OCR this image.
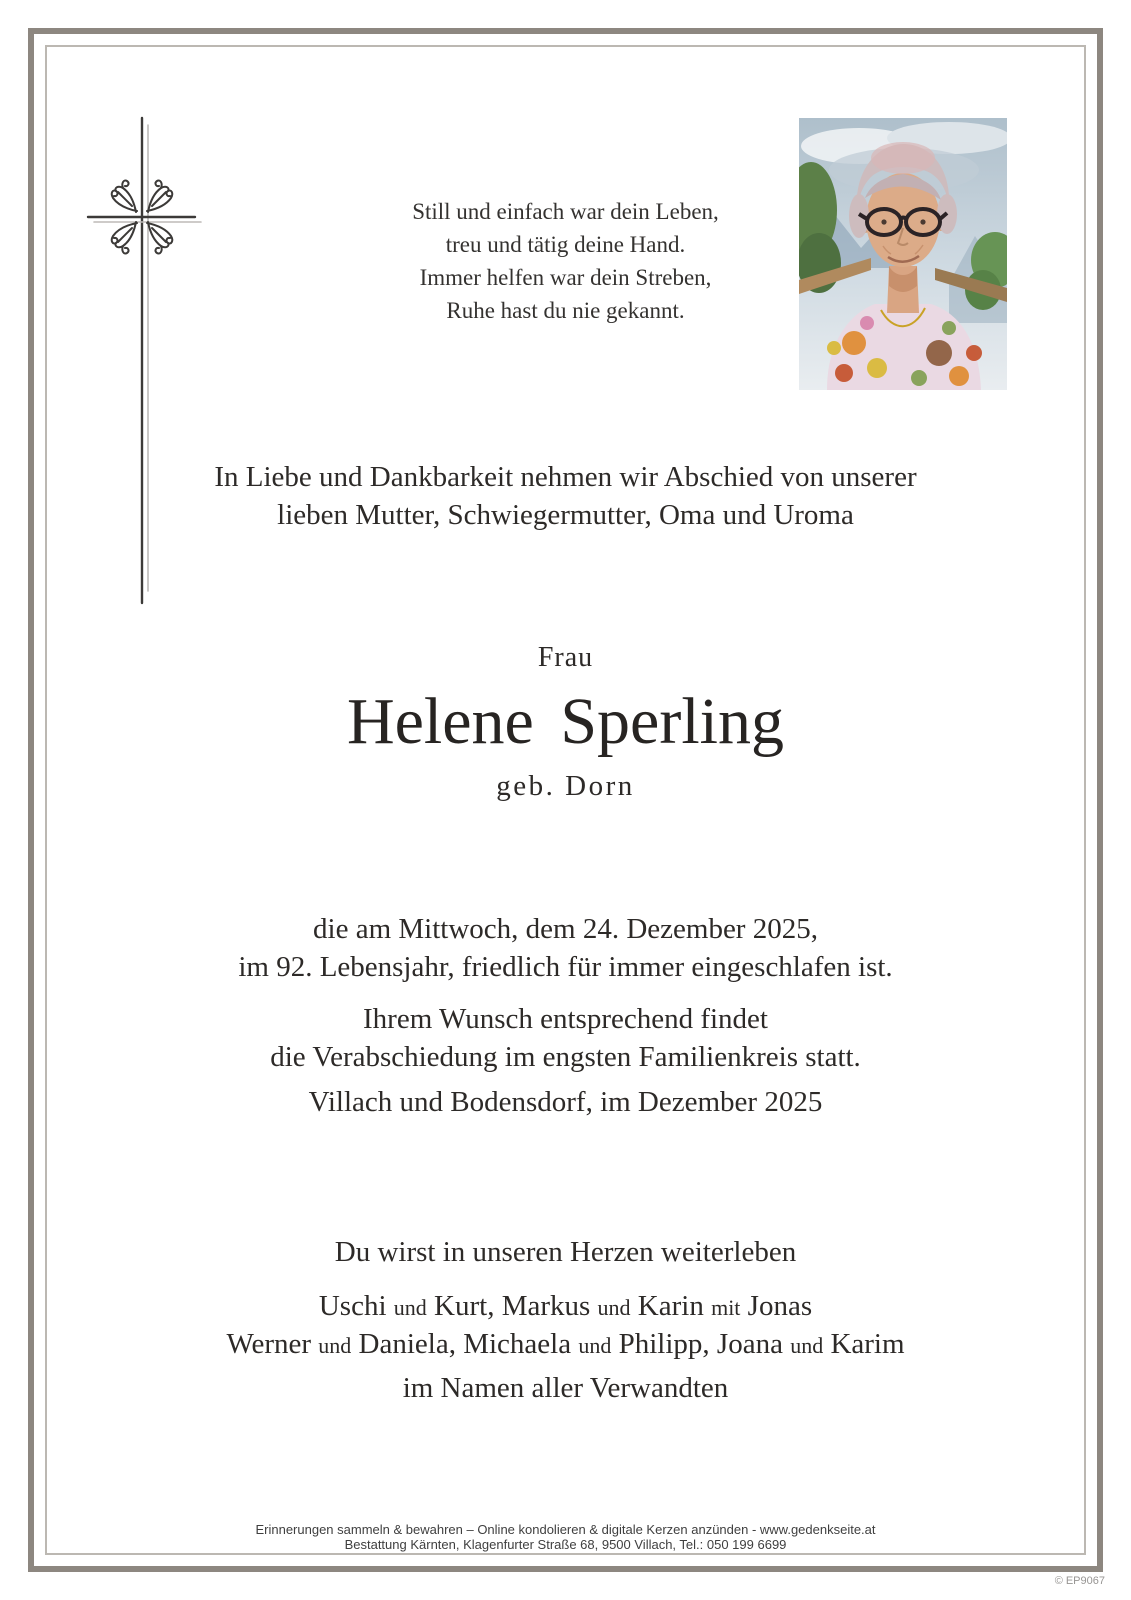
Still und einfach war dein Leben,
treu und tätig deine Hand.
Immer helfen war dein Streben,
Ruhe hast du nie gekannt.
In Liebe und Dankbarkeit nehmen wir Abschied von unserer
lieben Mutter, Schwiegermutter, Oma und Uroma
Frau
Helene Sperling
geb. Dorn
die am Mittwoch, dem 24. Dezember 2025,
im 92. Lebensjahr, friedlich für immer eingeschlafen ist.
Ihrem Wunsch entsprechend findet
die Verabschiedung im engsten Familienkreis statt.
Villach und Bodensdorf, im Dezember 2025
Du wirst in unseren Herzen weiterleben
Uschi und Kurt, Markus und Karin mit Jonas
Werner und Daniela, Michaela und Philipp, Joana und Karim
im Namen aller Verwandten
Erinnerungen sammeln & bewahren – Online kondolieren & digitale Kerzen anzünden - www.gedenkseite.at
Bestattung Kärnten, Klagenfurter Straße 68, 9500 Villach, Tel.: 050 199 6699
© EP9067
